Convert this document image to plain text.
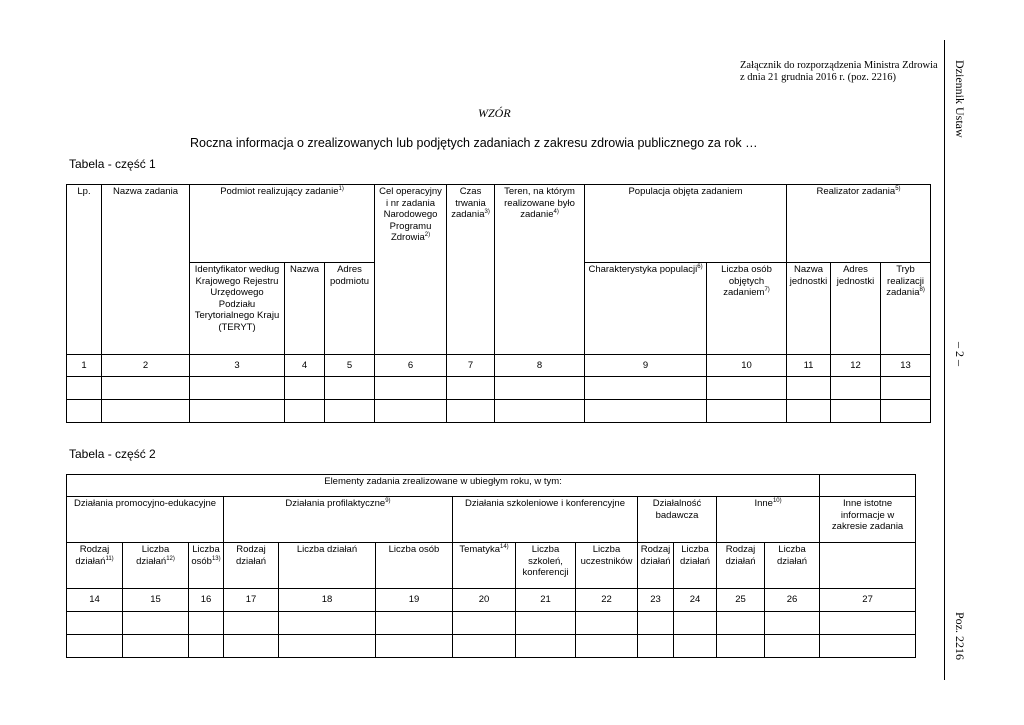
Załącznik do rozporządzenia Ministra Zdrowia
z dnia 21 grudnia 2016 r. (poz. 2216)
WZÓR
Roczna informacja o zrealizowanych lub podjętych zadaniach z zakresu zdrowia publicznego za rok …
Dziennik Ustaw
– 2 –
Poz. 2216
Tabela - część 1
Lp.	Nazwa zadania	Podmiot realizujący zadanie$^{1)}$			Cel operacyjny i nr zadania Narodowego Programu Zdrowia$^{2)}$	Czas trwania zadania$^{3)}$	Teren, na którym realizowane było zadanie$^{4)}$	Populacja objęta zadaniem		Realizator zadania$^{5)}$
		Identyfikator według Krajowego Rejestru Urzędowego Podziału Terytorialnego Kraju (TERYT)	Nazwa	Adres podmiotu				Charakterystyka populacji$^{6)}$	Liczba osób objętych zadaniem$^{7)}$	Nazwa jednostki	Adres jednostki	Tryb realizacji zadania$^{8)}$
1	2	3	4	5	6	7	8	9	10	11	12	13

Tabela - część 2
Elementy zadania zrealizowane w ubiegłym roku, w tym:													
Działania promocyjno-edukacyjne			Działania profilaktyczne$^{9)}$			Działania szkoleniowe i konferencyjne			Działalność badawcza		Inne$^{10)}$		Inne istotne informacje w zakresie zadania
Rodzaj działań$^{11)}$	Liczba działań$^{12)}$	Liczba osób$^{13)}$	Rodzaj działań	Liczba działań	Liczba osób	Tematyka$^{14)}$	Liczba szkoleń, konferencji	Liczba uczestników	Rodzaj działań	Liczba działań	Rodzaj działań	Liczba działań	
14	15	16	17	18	19	20	21	22	23	24	25	26	27
